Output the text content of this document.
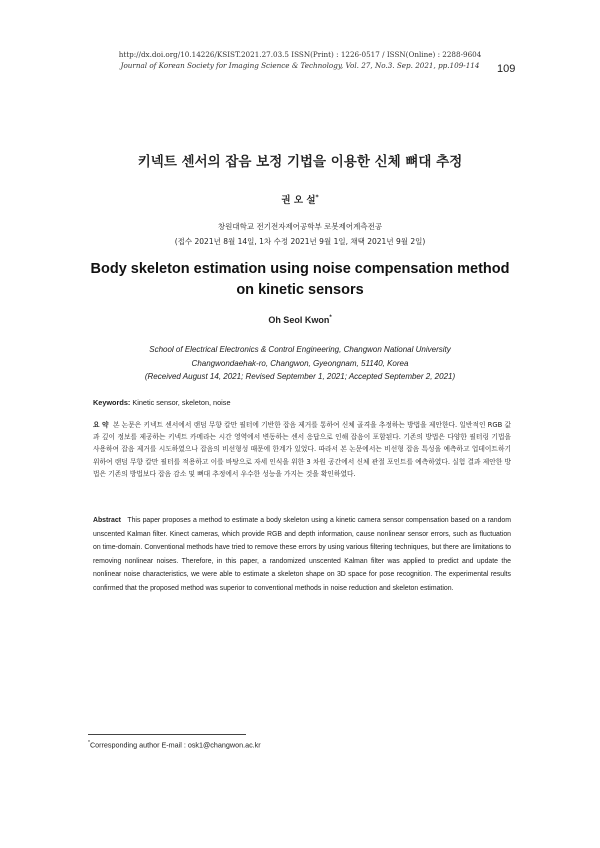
http://dx.doi.org/10.14226/KSIST.2021.27.03.5 ISSN(Print) : 1226-0517 / ISSN(Online) : 2288-9604
Journal of Korean Society for Imaging Science & Technology, Vol. 27, No.3. Sep. 2021, pp.109-114	109
키넥트 센서의 잡음 보정 기법을 이용한 신체 뼈대 추정
권 오 설*
창원대학교 전기전자제어공학부 로봇제어계측전공
(접수 2021년 8월 14일, 1차 수정 2021년 9월 1일, 채택 2021년 9월 2일)
Body skeleton estimation using noise compensation method
on kinetic sensors
Oh Seol Kwon*
School of Electrical Electronics & Control Engineering, Changwon National University
Changwondaehak-ro, Changwon, Gyeongnam, 51140, Korea
(Received August 14, 2021; Revised September 1, 2021; Accepted September 2, 2021)
Keywords: Kinetic sensor, skeleton, noise
요 약 본 논문은 키넥트 센서에서 랜덤 무향 칼만 필터에 기반한 잡음 제거를 통하여 신체 골격을 추정하는 방법을 제안한다. 일반적인 RGB 값과 깊이 정보를 제공하는 키넥트 카메라는 시간 영역에서 변동하는 센서 응답으로 인해 잡음이 포함된다. 기존의 방법은 다양한 필터링 기법을 사용하여 잡음 제거를 시도하였으나 잡음의 비선형성 때문에 한계가 있었다. 따라서 본 논문에서는 비선형 잡음 특성을 예측하고 업데이트하기 위하여 랜덤 무향 칼만 필터를 적용하고 이를 바탕으로 자세 인식을 위한 3 차원 공간에서 신체 관절 포인트를 예측하였다. 실험 결과 제안한 방법은 기존의 방법보다 잡음 감소 및 뼈대 추정에서 우수한 성능을 가지는 것을 확인하였다.
Abstract This paper proposes a method to estimate a body skeleton using a kinetic camera sensor compensation based on a random unscented Kalman filter. Kinect cameras, which provide RGB and depth information, cause nonlinear sensor errors, such as fluctuation on time-domain. Conventional methods have tried to remove these errors by using various filtering techniques, but there are limitations to removing nonlinear noises. Therefore, in this paper, a randomized unscented Kalman filter was applied to predict and update the nonlinear noise characteristics, we were able to estimate a skeleton shape on 3D space for pose recognition. The experimental results confirmed that the proposed method was superior to conventional methods in noise reduction and skeleton estimation.
*Corresponding author E-mail : osk1@changwon.ac.kr
